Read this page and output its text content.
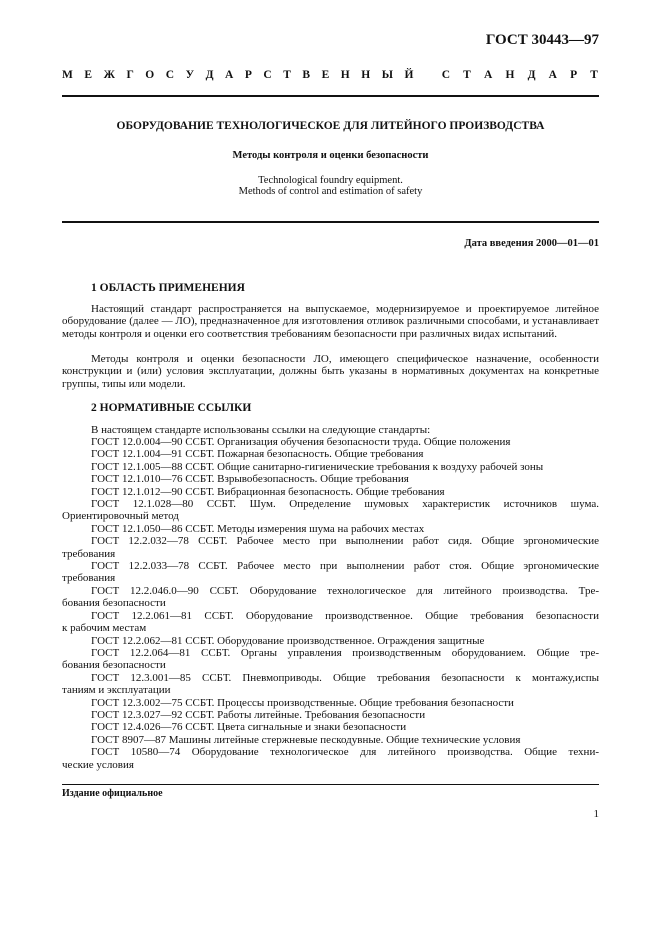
ГОСТ 30443—97
М Е Ж Г О С У Д А Р С Т В Е Н Н Ы Й С Т А Н Д А Р Т
ОБОРУДОВАНИЕ ТЕХНОЛОГИЧЕСКОЕ ДЛЯ ЛИТЕЙНОГО ПРОИЗВОДСТВА
Методы контроля и оценки безопасности
Technological foundry equipment.
Methods of control and estimation of safety
Дата введения 2000—01—01
1 ОБЛАСТЬ ПРИМЕНЕНИЯ
Настоящий стандарт распространяется на выпускаемое, модернизируемое и проектируемое литейное оборудование (далее — ЛО), предназначенное для изготовления отливок различными способами, и устанавливает методы контроля и оценки его соответствия требованиям безопасности при различных видах испытаний.
Методы контроля и оценки безопасности ЛО, имеющего специфическое назначение, особенности конструкции и (или) условия эксплуатации, должны быть указаны в нормативных документах на конкретные группы, типы или модели.
2 НОРМАТИВНЫЕ ССЫЛКИ
В настоящем стандарте использованы ссылки на следующие стандарты:
ГОСТ 12.0.004—90 ССБТ. Организация обучения безопасности труда. Общие положения
ГОСТ 12.1.004—91 ССБТ. Пожарная безопасность. Общие требования
ГОСТ 12.1.005—88 ССБТ. Общие санитарно-гигиенические требования к воздуху рабочей зоны
ГОСТ 12.1.010—76 ССБТ. Взрывобезопасность. Общие требования
ГОСТ 12.1.012—90 ССБТ. Вибрационная безопасность. Общие требования
ГОСТ 12.1.028—80 ССБТ. Шум. Определение шумовых характеристик источников шума.
Ориентировочный метод
ГОСТ 12.1.050—86 ССБТ. Методы измерения шума на рабочих местах
ГОСТ 12.2.032—78 ССБТ. Рабочее место при выполнении работ сидя. Общие эргономические
требования
ГОСТ 12.2.033—78 ССБТ. Рабочее место при выполнении работ стоя. Общие эргономические
требования
ГОСТ 12.2.046.0—90 ССБТ. Оборудование технологическое для литейного производства. Тре-
бования безопасности
ГОСТ 12.2.061—81 ССБТ. Оборудование производственное. Общие требования безопасности
к рабочим местам
ГОСТ 12.2.062—81 ССБТ. Оборудование производственное. Ограждения защитные
ГОСТ 12.2.064—81 ССБТ. Органы управления производственным оборудованием. Общие тре-
бования безопасности
ГОСТ 12.3.001—85 ССБТ. Пневмоприводы. Общие требования безопасности к монтажу,испы
таниям и эксплуатации
ГОСТ 12.3.002—75 ССБТ. Процессы производственные. Общие требования безопасности
ГОСТ 12.3.027—92 ССБТ. Работы литейные. Требования безопасности
ГОСТ 12.4.026—76 ССБТ. Цвета сигнальные и знаки безопасности
ГОСТ 8907—87 Машины литейные стержневые пескодувные. Общие технические условия
ГОСТ 10580—74 Оборудование технологическое для литейного производства. Общие техни-
ческие условия
Издание официальное
1
